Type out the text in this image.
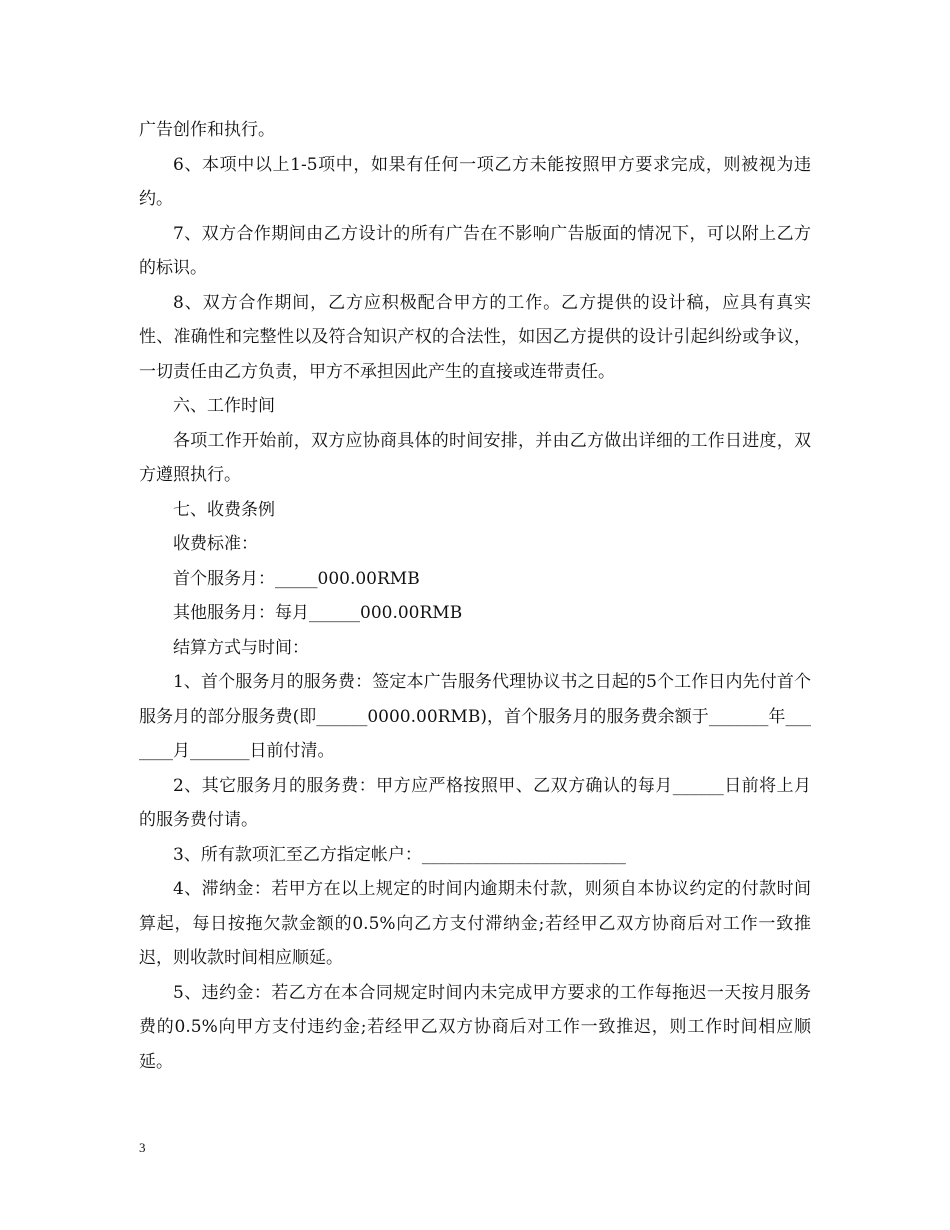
广告创作和执行。

6、本项中以上1-5项中，如果有任何一项乙方未能按照甲方要求完成，则被视为违约。

7、双方合作期间由乙方设计的所有广告在不影响广告版面的情况下，可以附上乙方的标识。

8、双方合作期间，乙方应积极配合甲方的工作。乙方提供的设计稿，应具有真实性、准确性和完整性以及符合知识产权的合法性，如因乙方提供的设计引起纠纷或争议，一切责任由乙方负责，甲方不承担因此产生的直接或连带责任。

六、工作时间

各项工作开始前，双方应协商具体的时间安排，并由乙方做出详细的工作日进度，双方遵照执行。

七、收费条例

收费标准：

首个服务月：_____000.00RMB

其他服务月：每月______000.00RMB

结算方式与时间：

1、首个服务月的服务费：签定本广告服务代理协议书之日起的5个工作日内先付首个服务月的部分服务费(即______0000.00RMB)，首个服务月的服务费余额于_______年_______月_______日前付清。

2、其它服务月的服务费：甲方应严格按照甲、乙双方确认的每月______日前将上月的服务费付请。

3、所有款项汇至乙方指定帐户：________________________

4、滞纳金：若甲方在以上规定的时间内逾期未付款，则须自本协议约定的付款时间算起，每日按拖欠款金额的0.5%向乙方支付滞纳金;若经甲乙双方协商后对工作一致推迟，则收款时间相应顺延。

5、违约金：若乙方在本合同规定时间内未完成甲方要求的工作每拖迟一天按月服务费的0.5%向甲方支付违约金;若经甲乙双方协商后对工作一致推迟，则工作时间相应顺延。

3
